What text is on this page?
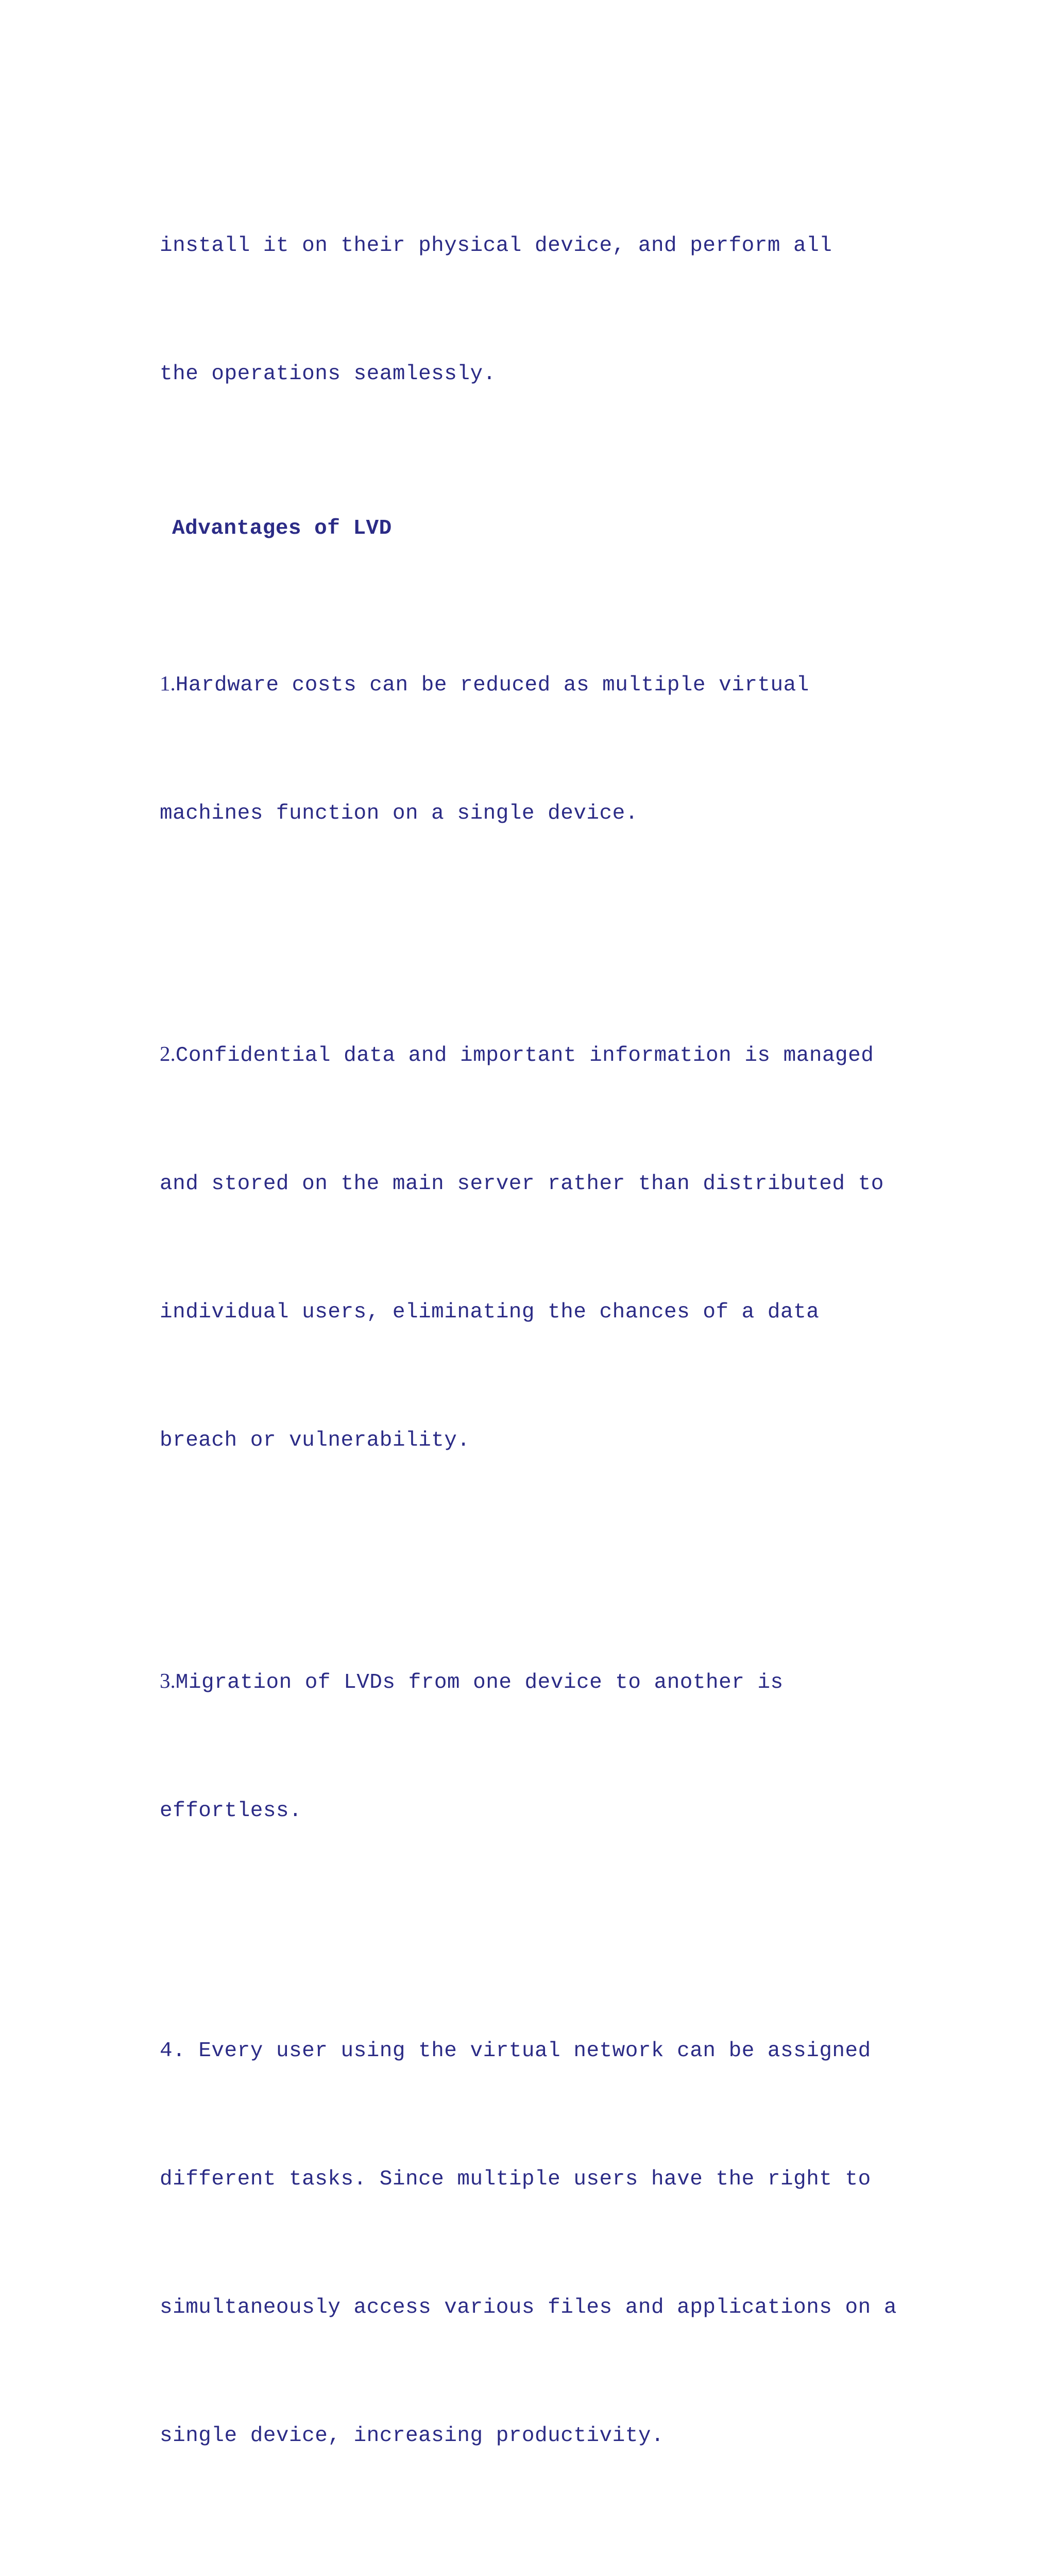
install it on their physical device, and perform all

the operations seamlessly.

Advantages of LVD

1.Hardware costs can be reduced as multiple virtual

machines function on a single device.

2.Confidential data and important information is managed

and stored on the main server rather than distributed to

individual users, eliminating the chances of a data

breach or vulnerability.

3.Migration of LVDs from one device to another is

effortless.

4. Every user using the virtual network can be assigned

different tasks. Since multiple users have the right to

simultaneously access various files and applications on a

single device, increasing productivity.
